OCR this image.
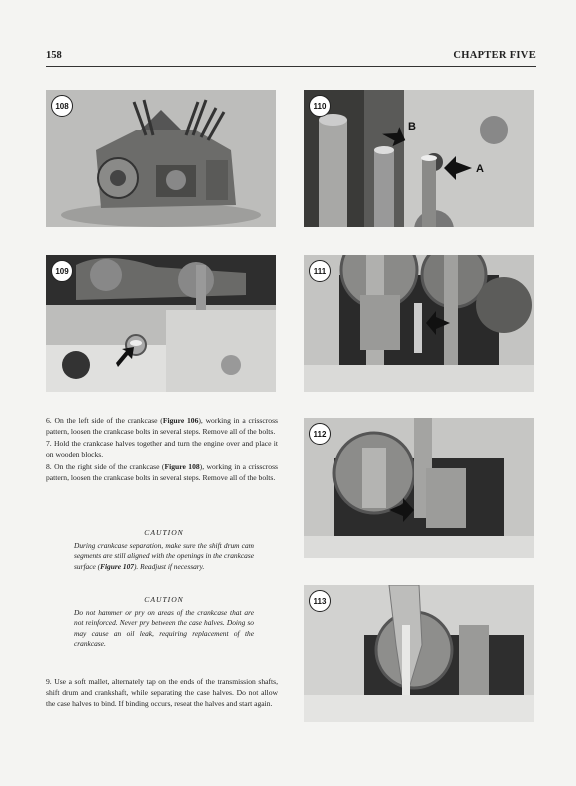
158	CHAPTER FIVE
108
B
A
110
109	111
112
113

6. On the left side of the crankcase (Figure 106), working in a crisscross pattern, loosen the crankcase bolts in several steps. Remove all of the bolts.

7. Hold the crankcase halves together and turn the engine over and place it on wooden blocks.

8. On the right side of the crankcase (Figure 108), working in a crisscross pattern, loosen the crankcase bolts in several steps. Remove all of the bolts.

CAUTION
During crankcase separation, make sure the shift drum cam segments are still aligned with the openings in the crankcase surface (Figure 107). Readjust if necessary.
CAUTION
Do not hammer or pry on areas of the crankcase that are not reinforced. Never pry between the case halves. Doing so may cause an oil leak, requiring replacement of the crankcase.

9. Use a soft mallet, alternately tap on the ends of the transmission shafts, shift drum and crankshaft, while separating the case halves. Do not allow the case halves to bind. If binding occurs, reseat the halves and start again.
